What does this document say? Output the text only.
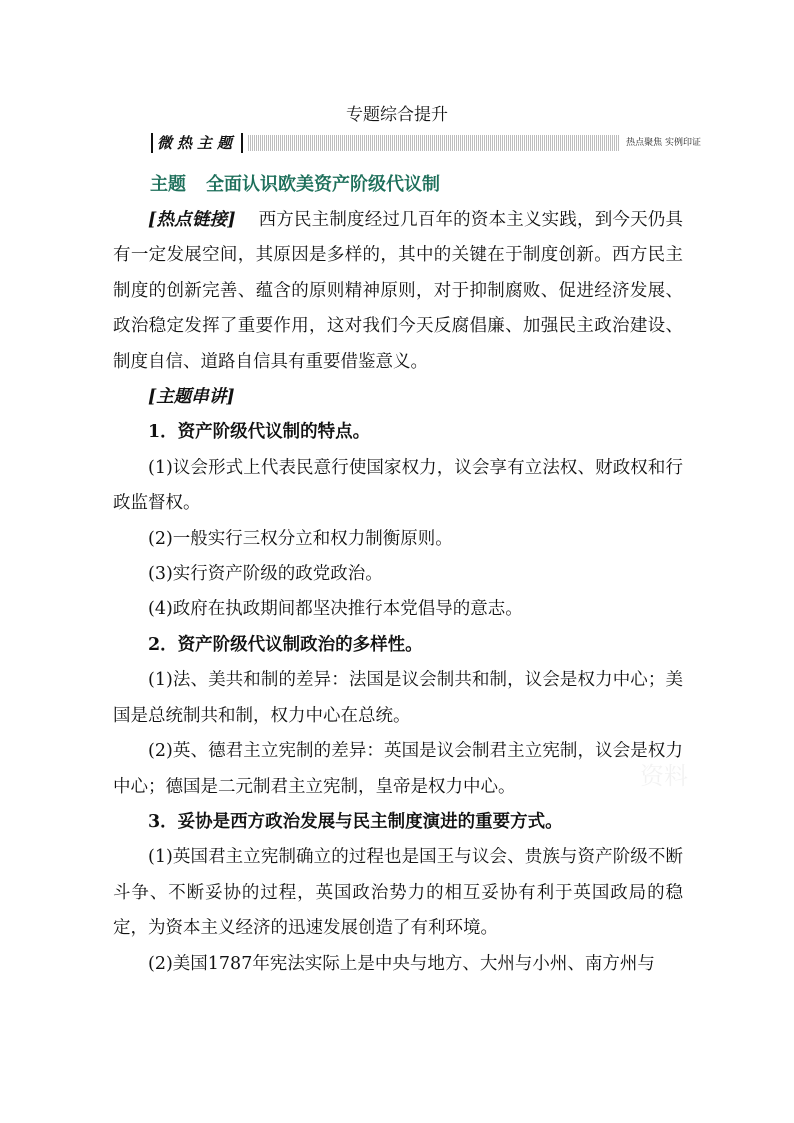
专题综合提升
微热主题	热点聚焦 实例印证
主题 全面认识欧美资产阶级代议制

[热点链接] 西方民主制度经过几百年的资本主义实践，到今天仍具有一定发展空间，其原因是多样的，其中的关键在于制度创新。西方民主制度的创新完善、蕴含的原则精神原则，对于抑制腐败、促进经济发展、政治稳定发挥了重要作用，这对我们今天反腐倡廉、加强民主政治建设、制度自信、道路自信具有重要借鉴意义。

[主题串讲]

1．资产阶级代议制的特点。

(1)议会形式上代表民意行使国家权力，议会享有立法权、财政权和行政监督权。

(2)一般实行三权分立和权力制衡原则。

(3)实行资产阶级的政党政治。

(4)政府在执政期间都坚决推行本党倡导的意志。

2．资产阶级代议制政治的多样性。

(1)法、美共和制的差异：法国是议会制共和制，议会是权力中心；美国是总统制共和制，权力中心在总统。

(2)英、德君主立宪制的差异：英国是议会制君主立宪制，议会是权力中心；德国是二元制君主立宪制，皇帝是权力中心。

3．妥协是西方政治发展与民主制度演进的重要方式。

(1)英国君主立宪制确立的过程也是国王与议会、贵族与资产阶级不断斗争、不断妥协的过程，英国政治势力的相互妥协有利于英国政局的稳定，为资本主义经济的迅速发展创造了有利环境。

(2)美国1787年宪法实际上是中央与地方、大州与小州、南方州与

资料
